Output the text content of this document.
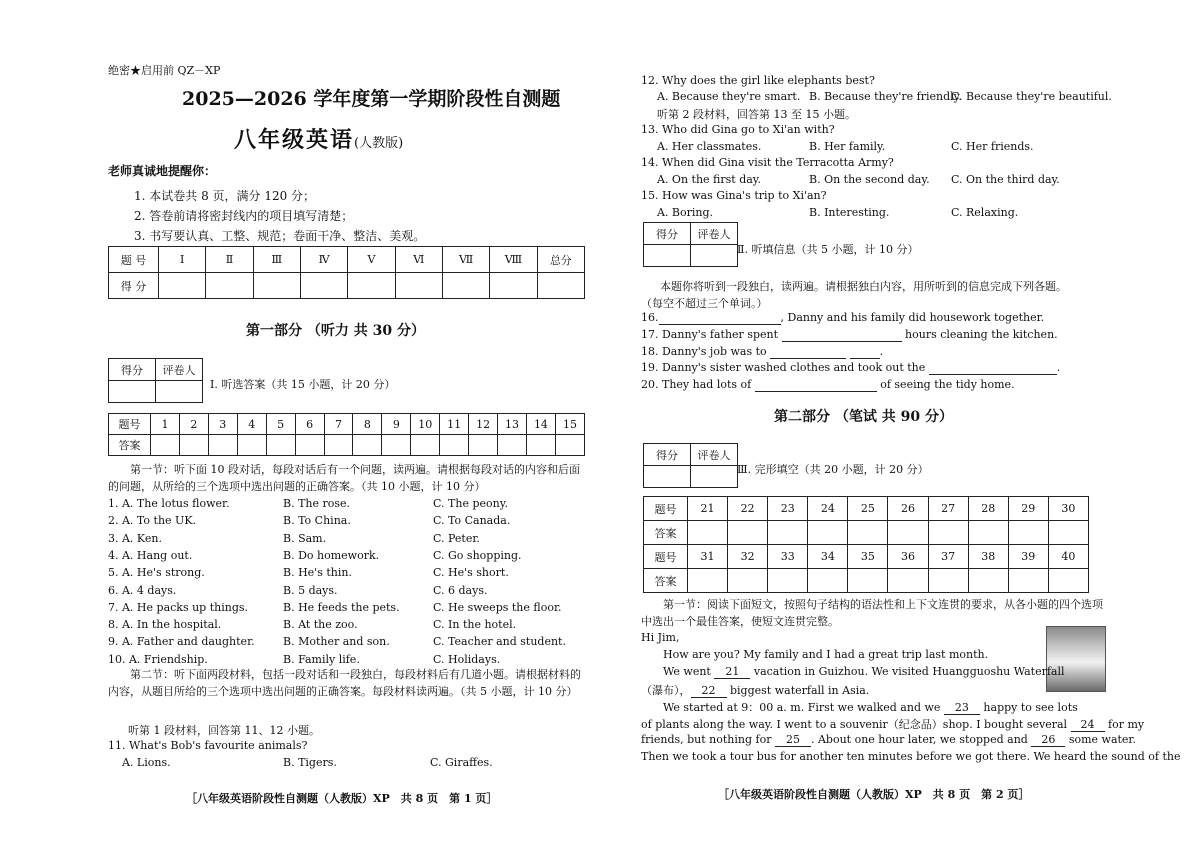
绝密★启用前 QZ－XP
2025—2026 学年度第一学期阶段性自测题
八年级英语(人教版)
老师真诚地提醒你：
1. 本试卷共 8 页，满分 120 分；
2. 答卷前请将密封线内的项目填写清楚；
3. 书写要认真、工整、规范；卷面干净、整洁、美观。
题 号	Ⅰ	Ⅱ	Ⅲ	Ⅳ	Ⅴ	Ⅵ	Ⅶ	Ⅷ	总分
得 分									
第一部分 （听力 共 30 分）
得分	评卷人

Ⅰ. 听选答案（共 15 小题，计 20 分）
题号	1	2	3	4	5	6	7	8	9	10	11	12	13	14	15
答案															
第一节：听下面 10 段对话，每段对话后有一个问题，读两遍。请根据每段对话的内容和后面的问题，从所给的三个选项中选出问题的正确答案。（共 10 小题，计 10 分）
1. A. The lotus flower.	B. The rose.	C. The peony.
2. A. To the UK.	B. To China.	C. To Canada.
3. A. Ken.	B. Sam.	C. Peter.
4. A. Hang out.	B. Do homework.	C. Go shopping.
5. A. He's strong.	B. He's thin.	C. He's short.
6. A. 4 days.	B. 5 days.	C. 6 days.
7. A. He packs up things.	B. He feeds the pets.	C. He sweeps the floor.
8. A. In the hospital.	B. At the zoo.	C. In the hotel.
9. A. Father and daughter.	B. Mother and son.	C. Teacher and student.
10. A. Friendship.	B. Family life.	C. Holidays.
第二节：听下面两段材料，包括一段对话和一段独白，每段材料后有几道小题。请根据材料的内容，从题目所给的三个选项中选出问题的正确答案。每段材料读两遍。（共 5 小题，计 10 分）
听第 1 段材料，回答第 11、12 小题。
11. What's Bob's favourite animals?
A. Lions.	B. Tigers.	C. Giraffes.
［八年级英语阶段性自测题（人教版）XP　共 8 页　第 1 页］
12. Why does the girl like elephants best?
A. Because they're smart. B. Because they're friendly.
C. Because they're beautiful.
听第 2 段材料，回答第 13 至 15 小题。
13. Who did Gina go to Xi'an with?
A. Her classmates.	B. Her family.	C. Her friends.
14. When did Gina visit the Terracotta Army?
A. On the first day.	B. On the second day. C. On the third day.
15. How was Gina's trip to Xi'an?
A. Boring.	B. Interesting.	C. Relaxing.
得分	评卷人

Ⅱ. 听填信息（共 5 小题，计 10 分）
本题你将听到一段独白，读两遍。请根据独白内容，用所听到的信息完成下列各题。
（每空不超过三个单词。）
16.	, Danny and his family did housework together.
17. Danny's father spent	hours cleaning the kitchen.
18. Danny's job was to	.
19. Danny's sister washed clothes and took out the	.
20. They had lots of	of seeing the tidy home.
第二部分 （笔试 共 90 分）
得分	评卷人

Ⅲ. 完形填空（共 20 小题，计 20 分）
题号	21	22	23	24	25	26	27	28	29	30
答案										
题号	31	32	33	34	35	36	37	38	39	40
答案										
第一节：阅读下面短文，按照句子结构的语法性和上下文连贯的要求，从各小题的四个选项中选出一个最佳答案，使短文连贯完整。
Hi Jim,
How are you? My family and I had a great trip last month.
We went 21 vacation in Guizhou. We visited Huangguoshu Waterfall
（瀑布）， 22 biggest waterfall in Asia.
We started at 9：00 a. m. First we walked and we 23 happy to see lots
of plants along the way. I went to a souvenir（纪念品）shop. I bought several 24 for my
friends, but nothing for 25 . About one hour later, we stopped and 26 some water.
Then we took a tour bus for another ten minutes before we got there. We heard the sound of the
［八年级英语阶段性自测题（人教版）XP　共 8 页　第 2 页］
